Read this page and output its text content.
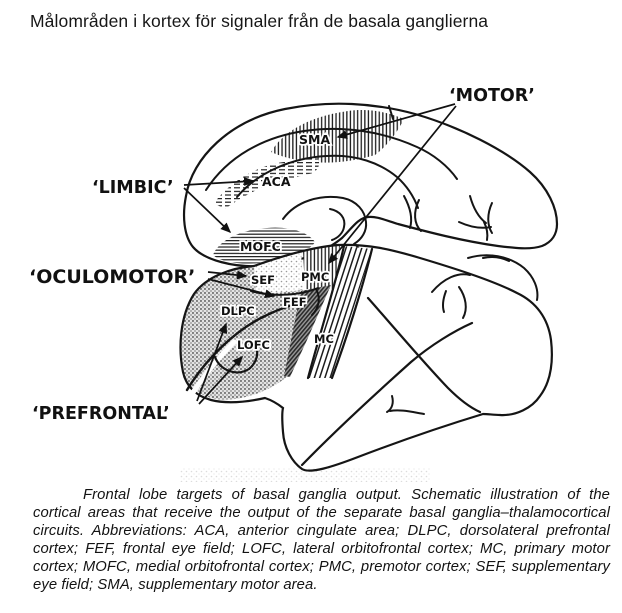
Målområden i kortex för signaler från de basala ganglierna
‘MOTOR’
‘LIMBIC’
‘OCULOMOTOR’
‘PREFRONTAL’
SMA
ACA
MOFC
SEF PMC
FEF
DLPC
LOFC	MC
Frontal lobe targets of basal ganglia output. Schematic illustration of the cortical areas that receive the output of the separate basal ganglia–thalamocortical circuits. Abbreviations: ACA, anterior cingulate area; DLPC, dorsolateral prefrontal cortex; FEF, frontal eye field; LOFC, lateral orbitofrontal cortex; MC, primary motor cortex; MOFC, medial orbitofrontal cortex; PMC, premotor cortex; SEF, supplementary eye field; SMA, supplementary motor area.
